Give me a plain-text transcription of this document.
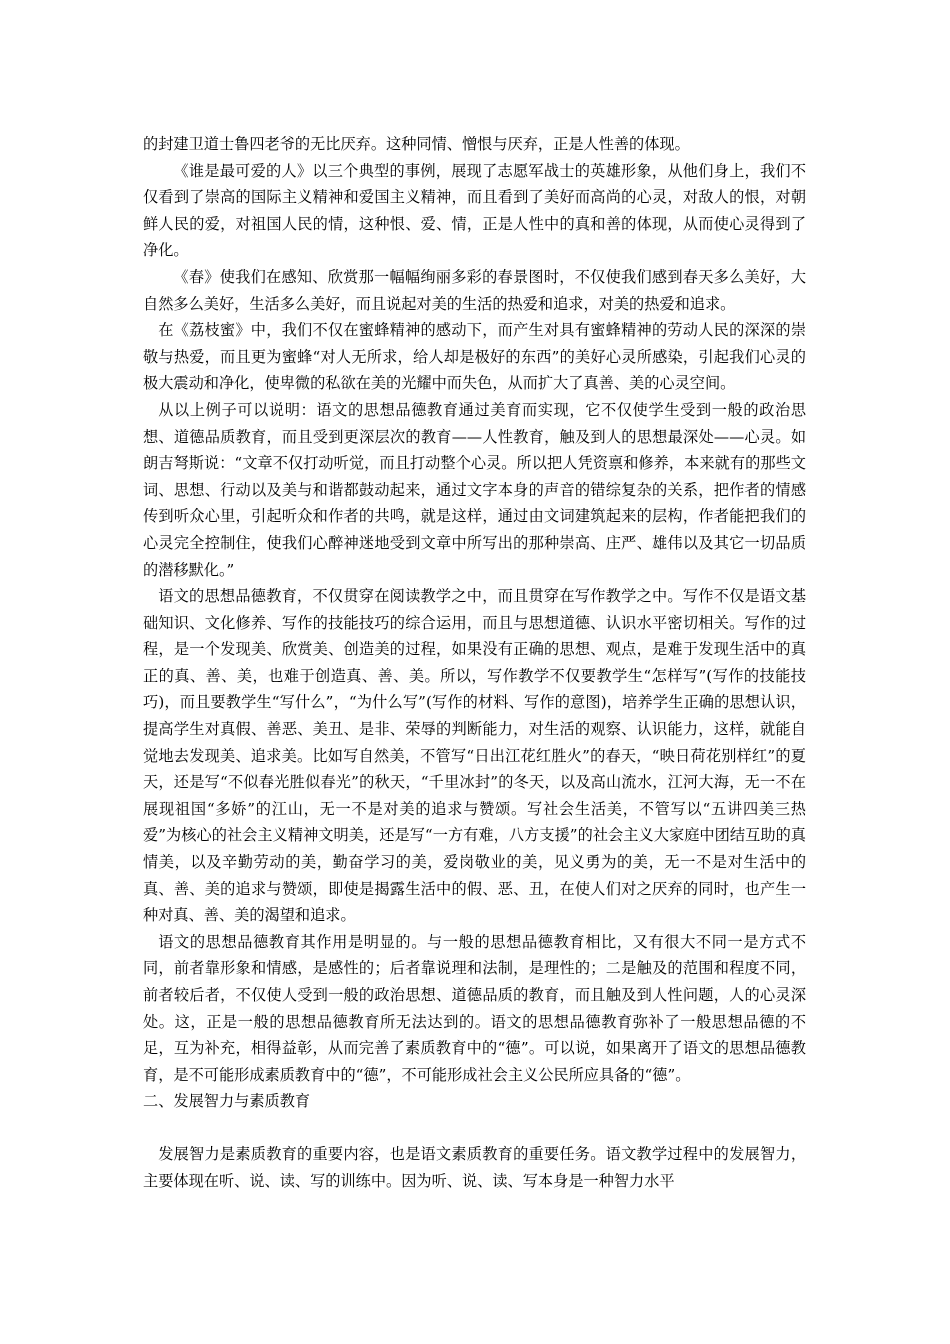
的封建卫道士鲁四老爷的无比厌弃。这种同情、憎恨与厌弃，正是人性善的体现。

《谁是最可爱的人》以三个典型的事例，展现了志愿军战士的英雄形象，从他们身上，我们不仅看到了崇高的国际主义精神和爱国主义精神，而且看到了美好而高尚的心灵，对敌人的恨，对朝鲜人民的爱，对祖国人民的情，这种恨、爱、情，正是人性中的真和善的体现，从而使心灵得到了净化。

《春》使我们在感知、欣赏那一幅幅绚丽多彩的春景图时，不仅使我们感到春天多么美好，大自然多么美好，生活多么美好，而且说起对美的生活的热爱和追求，对美的热爱和追求。

在《荔枝蜜》中，我们不仅在蜜蜂精神的感动下，而产生对具有蜜蜂精神的劳动人民的深深的崇敬与热爱，而且更为蜜蜂“对人无所求，给人却是极好的东西”的美好心灵所感染，引起我们心灵的极大震动和净化，使卑微的私欲在美的光耀中而失色，从而扩大了真善、美的心灵空间。

从以上例子可以说明：语文的思想品德教育通过美育而实现，它不仅使学生受到一般的政治思想、道德品质教育，而且受到更深层次的教育——人性教育，触及到人的思想最深处——心灵。如朗吉弩斯说：“文章不仅打动听觉，而且打动整个心灵。所以把人凭资禀和修养，本来就有的那些文词、思想、行动以及美与和谐都鼓动起来，通过文字本身的声音的错综复杂的关系，把作者的情感传到听众心里，引起听众和作者的共鸣，就是这样，通过由文词建筑起来的层构，作者能把我们的心灵完全控制住，使我们心醉神迷地受到文章中所写出的那种崇高、庄严、雄伟以及其它一切品质的潜移默化。”

语文的思想品德教育，不仅贯穿在阅读教学之中，而且贯穿在写作教学之中。写作不仅是语文基础知识、文化修养、写作的技能技巧的综合运用，而且与思想道德、认识水平密切相关。写作的过程，是一个发现美、欣赏美、创造美的过程，如果没有正确的思想、观点，是难于发现生活中的真正的真、善、美，也难于创造真、善、美。所以，写作教学不仅要教学生“怎样写”(写作的技能技巧)，而且要教学生“写什么”，“为什么写”(写作的材料、写作的意图)，培养学生正确的思想认识，提高学生对真假、善恶、美丑、是非、荣辱的判断能力，对生活的观察、认识能力，这样，就能自觉地去发现美、追求美。比如写自然美，不管写“日出江花红胜火”的春天，“映日荷花别样红”的夏天，还是写“不似春光胜似春光”的秋天，“千里冰封”的冬天，以及高山流水，江河大海，无一不在展现祖国“多娇”的江山，无一不是对美的追求与赞颂。写社会生活美，不管写以“五讲四美三热爱”为核心的社会主义精神文明美，还是写“一方有难，八方支援”的社会主义大家庭中团结互助的真情美，以及辛勤劳动的美，勤奋学习的美，爱岗敬业的美，见义勇为的美，无一不是对生活中的真、善、美的追求与赞颂，即使是揭露生活中的假、恶、丑，在使人们对之厌弃的同时，也产生一种对真、善、美的渴望和追求。

语文的思想品德教育其作用是明显的。与一般的思想品德教育相比，又有很大不同一是方式不同，前者靠形象和情感，是感性的；后者靠说理和法制，是理性的；二是触及的范围和程度不同，前者较后者，不仅使人受到一般的政治思想、道德品质的教育，而且触及到人性问题，人的心灵深处。这，正是一般的思想品德教育所无法达到的。语文的思想品德教育弥补了一般思想品德的不足，互为补充，相得益彰，从而完善了素质教育中的“德”。可以说，如果离开了语文的思想品德教育，是不可能形成素质教育中的“德”，不可能形成社会主义公民所应具备的“德”。

二、发展智力与素质教育

发展智力是素质教育的重要内容，也是语文素质教育的重要任务。语文教学过程中的发展智力，主要体现在听、说、读、写的训练中。因为听、说、读、写本身是一种智力水平
